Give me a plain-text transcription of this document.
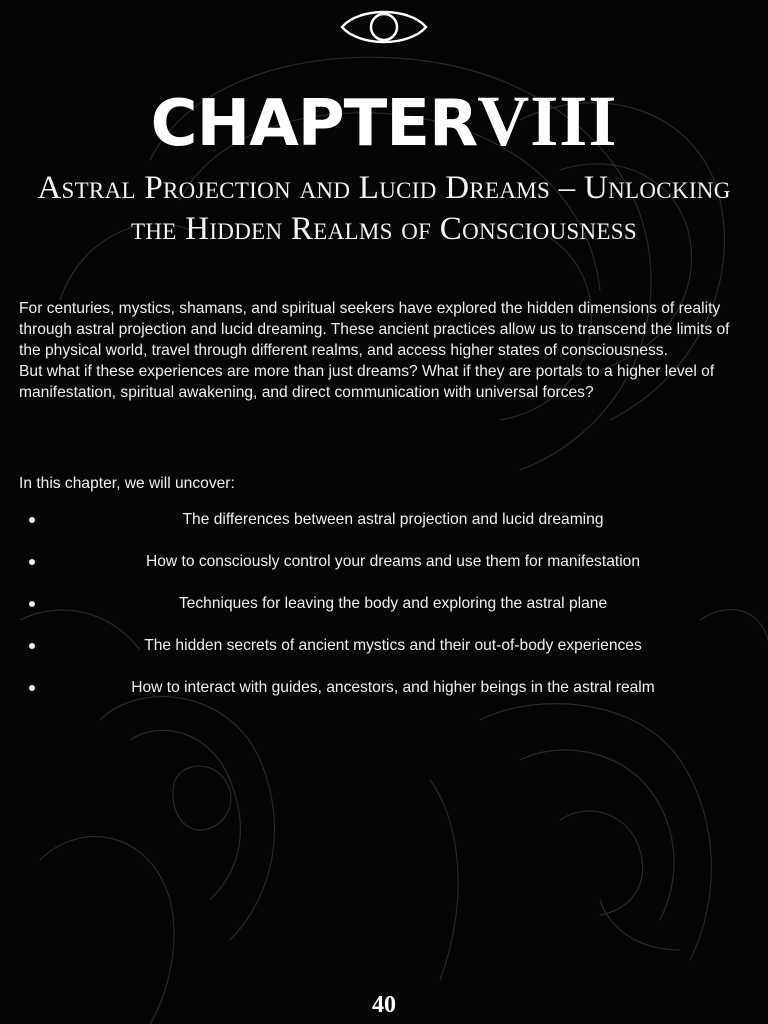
CHAPTERVIII
Astral Projection and Lucid Dreams – Unlocking the Hidden Realms of Consciousness

For centuries, mystics, shamans, and spiritual seekers have explored the hidden dimensions of reality through astral projection and lucid dreaming. These ancient practices allow us to transcend the limits of the physical world, travel through different realms, and access higher states of consciousness.

But what if these experiences are more than just dreams? What if they are portals to a higher level of manifestation, spiritual awakening, and direct communication with universal forces?

In this chapter, we will uncover:
The differences between astral projection and lucid dreaming
How to consciously control your dreams and use them for manifestation
Techniques for leaving the body and exploring the astral plane
The hidden secrets of ancient mystics and their out-of-body experiences
How to interact with guides, ancestors, and higher beings in the astral realm
40
